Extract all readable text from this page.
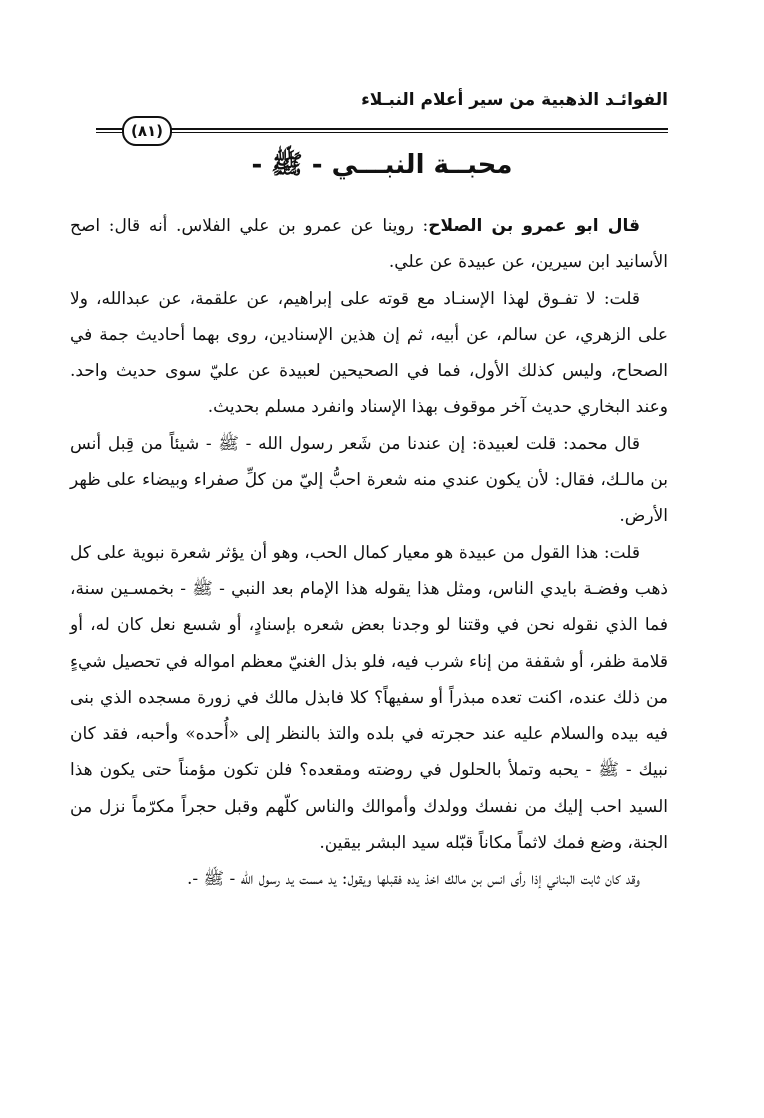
الفوائـد الذهبية من سير أعلام النبـلاء
(٨١)
محبــة النبـــي - ﷺ -

قال ابو عمرو بن الصلاح: روينا عن عمرو بن علي الفلاس. أنه قال: اصح الأسانيد ابن سيرين، عن عبيدة عن علي.

قلت: لا تفـوق لهذا الإسنـاد مع قوته على إبراهيم، عن علقمة، عن عبدالله، ولا على الزهري، عن سالم، عن أبيه، ثم إن هذين الإسنادين، روى بهما أحاديث جمة في الصحاح، وليس كذلك الأول، فما في الصحيحين لعبيدة عن عليّ سوى حديث واحد. وعند البخاري حديث آخر موقوف بهذا الإسناد وانفرد مسلم بحديث.

قال محمد: قلت لعبيدة: إن عندنا من شَعر رسول الله - ﷺ - شيئاً من قِبل أنس بن مالـك، فقال: لأن يكون عندي منه شعرة احبُّ إليّ من كلِّ صفراء وبيضاء على ظهر الأرض.

قلت: هذا القول من عبيدة هو معيار كمال الحب، وهو أن يؤثر شعرة نبوية على كل ذهب وفضـة بايدي الناس، ومثل هذا يقوله هذا الإمام بعد النبي - ﷺ - بخمسـين سنة، فما الذي نقوله نحن في وقتنا لو وجدنا بعض شعره بإسنادٍ، أو شسع نعل كان له، أو قلامة ظفر، أو شقفة من إناء شرب فيه، فلو بذل الغنيّ معظم امواله في تحصيل شيءٍ من ذلك عنده، اكنت تعده مبذراً أو سفيهاً؟ كلا فابذل مالك في زورة مسجده الذي بنى فيه بيده والسلام عليه عند حجرته في بلده والتذ بالنظر إلى «أُحده» وأحبه، فقد كان نبيك - ﷺ - يحبه وتملأ بالحلول في روضته ومقعده؟ فلن تكون مؤمناً حتى يكون هذا السيد احب إليك من نفسك وولدك وأموالك والناس كلّهم وقبل حجراً مكرّماً نزل من الجنة، وضع فمك لاثماً مكاناً قبّله سيد البشر بيقين.

وقد كان ثابت البناني إذا رأى انس بن مالك اخذ يده فقبلها ويقول: يد مست يد رسول الله - ﷺ -.
